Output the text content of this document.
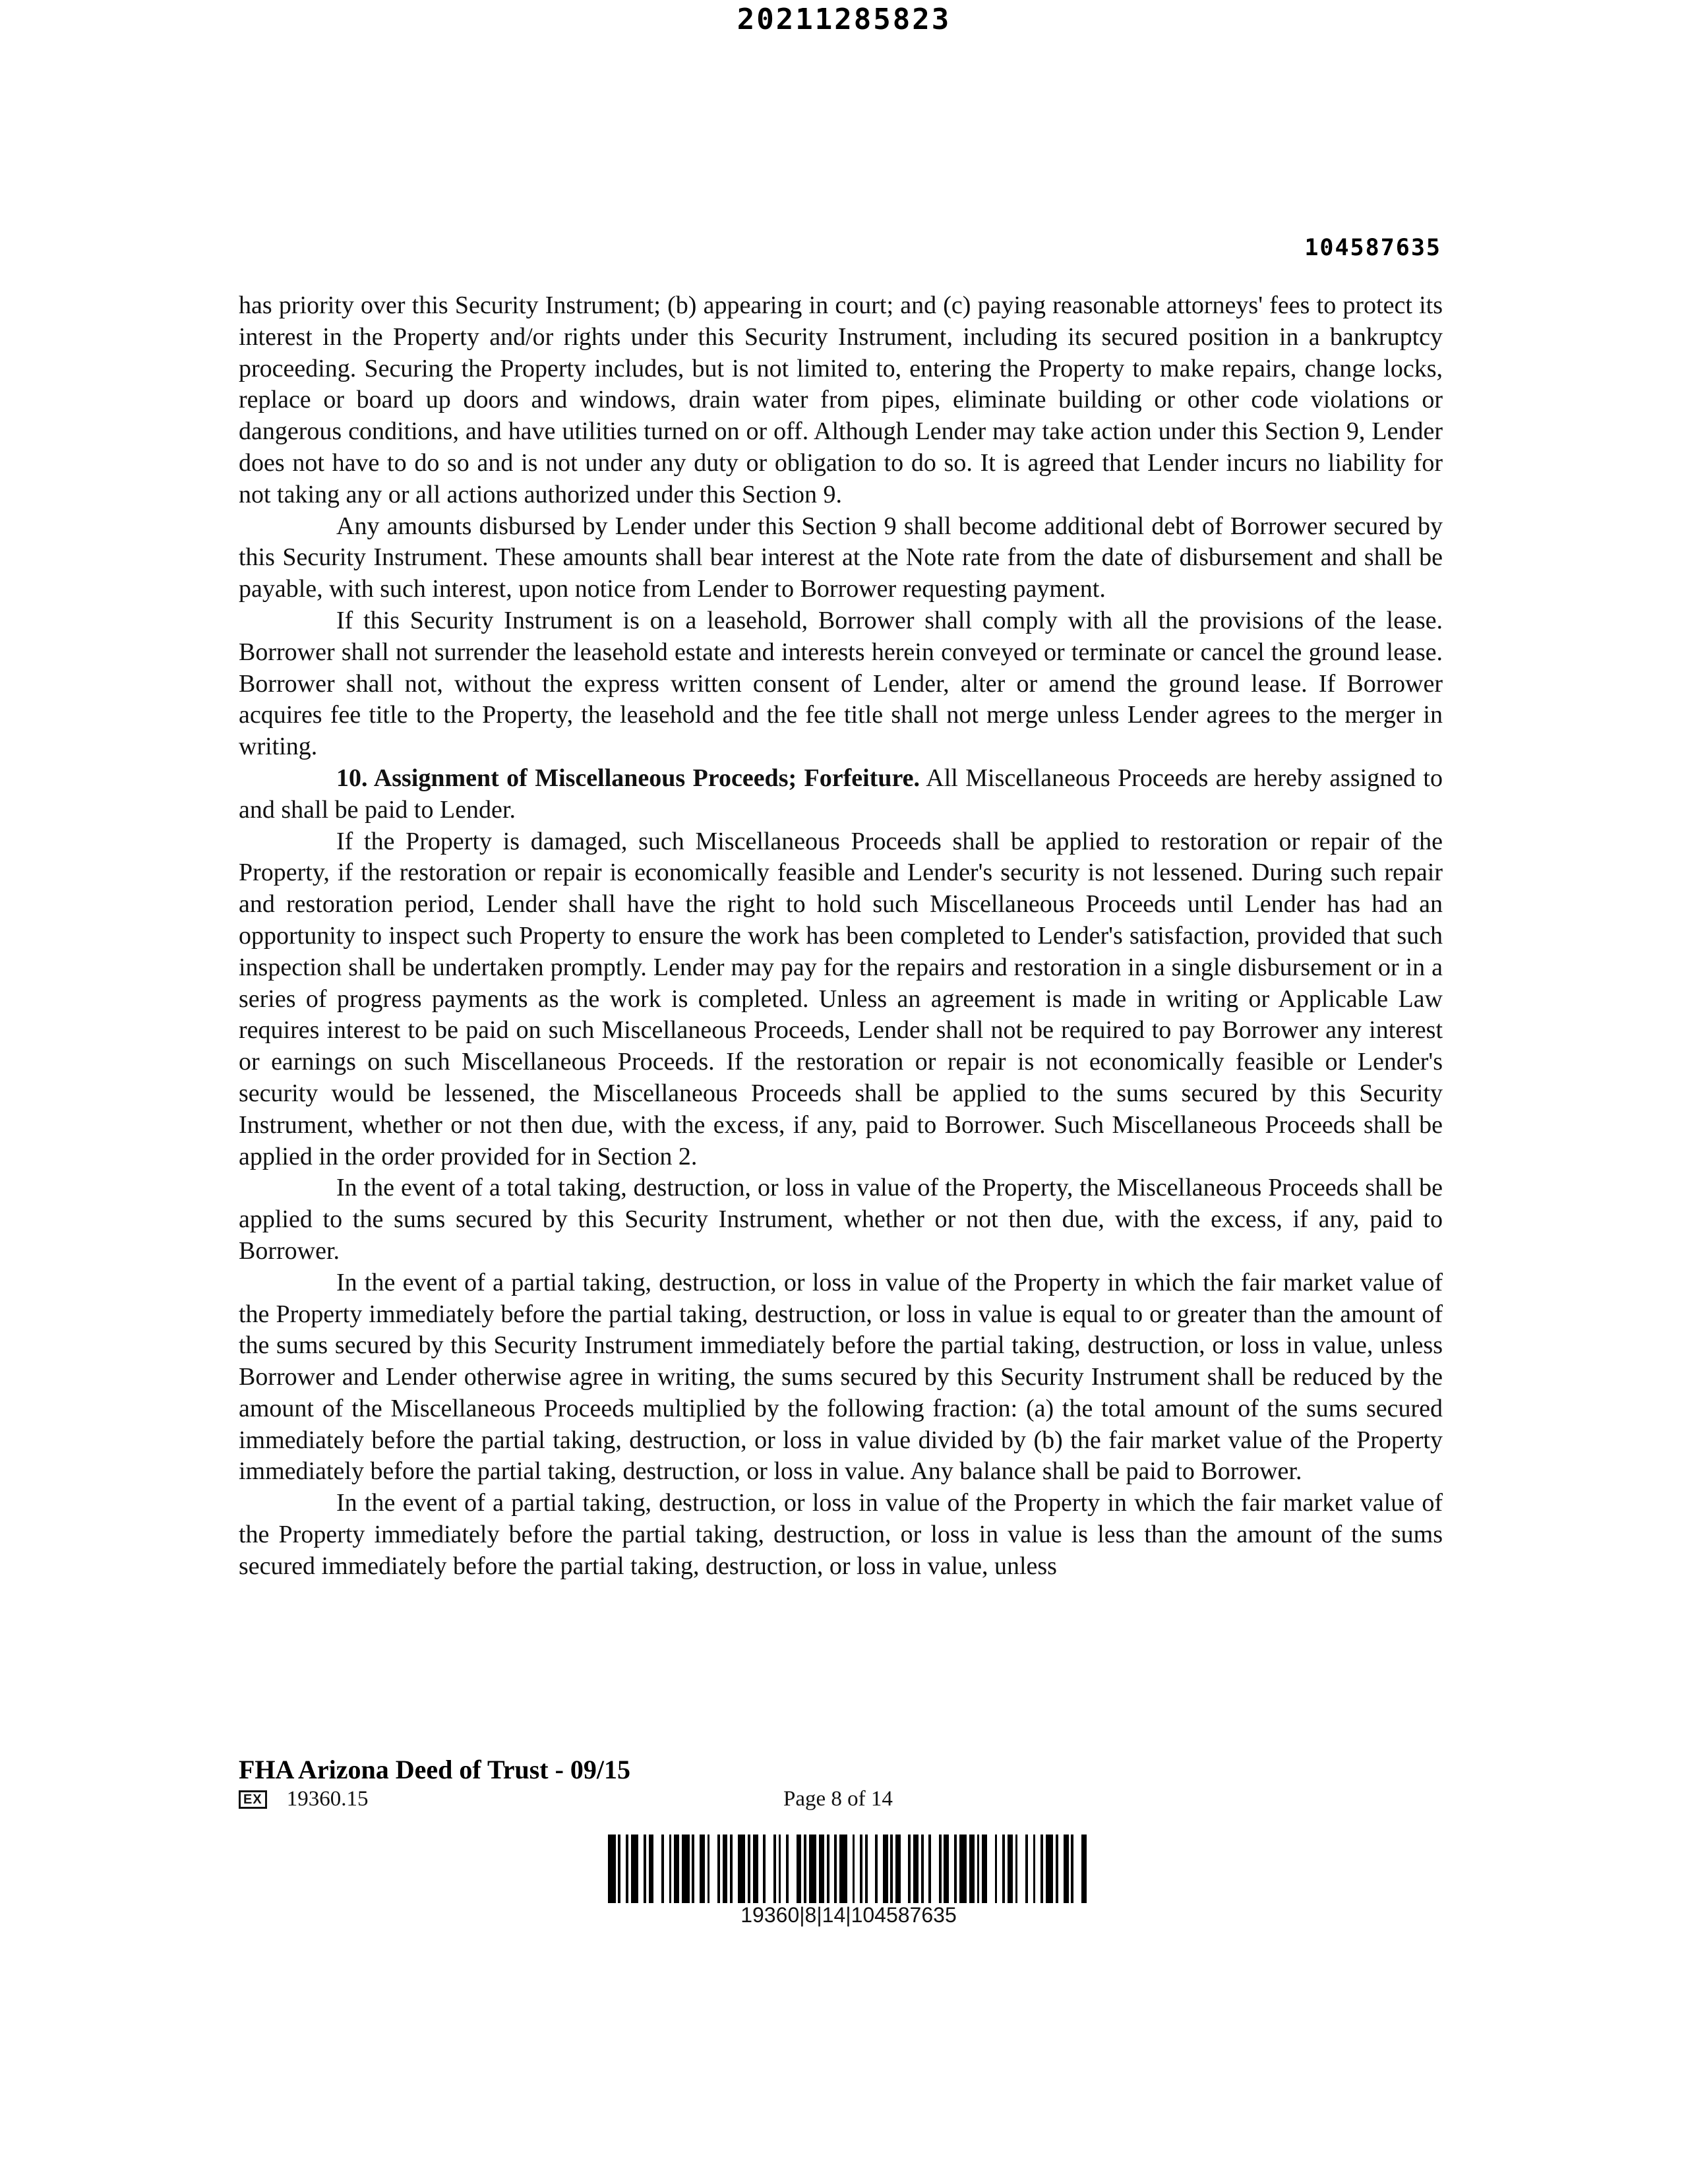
20211285823
104587635

has priority over this Security Instrument; (b) appearing in court; and (c) paying reasonable attorneys' fees to protect its interest in the Property and/or rights under this Security Instrument, including its secured position in a bankruptcy proceeding. Securing the Property includes, but is not limited to, entering the Property to make repairs, change locks, replace or board up doors and windows, drain water from pipes, eliminate building or other code violations or dangerous conditions, and have utilities turned on or off. Although Lender may take action under this Section 9, Lender does not have to do so and is not under any duty or obligation to do so. It is agreed that Lender incurs no liability for not taking any or all actions authorized under this Section 9.

Any amounts disbursed by Lender under this Section 9 shall become additional debt of Borrower secured by this Security Instrument. These amounts shall bear interest at the Note rate from the date of disbursement and shall be payable, with such interest, upon notice from Lender to Borrower requesting payment.

If this Security Instrument is on a leasehold, Borrower shall comply with all the provisions of the lease. Borrower shall not surrender the leasehold estate and interests herein conveyed or terminate or cancel the ground lease. Borrower shall not, without the express written consent of Lender, alter or amend the ground lease. If Borrower acquires fee title to the Property, the leasehold and the fee title shall not merge unless Lender agrees to the merger in writing.

10. Assignment of Miscellaneous Proceeds; Forfeiture. All Miscellaneous Proceeds are hereby assigned to and shall be paid to Lender.

If the Property is damaged, such Miscellaneous Proceeds shall be applied to restoration or repair of the Property, if the restoration or repair is economically feasible and Lender's security is not lessened. During such repair and restoration period, Lender shall have the right to hold such Miscellaneous Proceeds until Lender has had an opportunity to inspect such Property to ensure the work has been completed to Lender's satisfaction, provided that such inspection shall be undertaken promptly. Lender may pay for the repairs and restoration in a single disbursement or in a series of progress payments as the work is completed. Unless an agreement is made in writing or Applicable Law requires interest to be paid on such Miscellaneous Proceeds, Lender shall not be required to pay Borrower any interest or earnings on such Miscellaneous Proceeds. If the restoration or repair is not economically feasible or Lender's security would be lessened, the Miscellaneous Proceeds shall be applied to the sums secured by this Security Instrument, whether or not then due, with the excess, if any, paid to Borrower. Such Miscellaneous Proceeds shall be applied in the order provided for in Section 2.

In the event of a total taking, destruction, or loss in value of the Property, the Miscellaneous Proceeds shall be applied to the sums secured by this Security Instrument, whether or not then due, with the excess, if any, paid to Borrower.

In the event of a partial taking, destruction, or loss in value of the Property in which the fair market value of the Property immediately before the partial taking, destruction, or loss in value is equal to or greater than the amount of the sums secured by this Security Instrument immediately before the partial taking, destruction, or loss in value, unless Borrower and Lender otherwise agree in writing, the sums secured by this Security Instrument shall be reduced by the amount of the Miscellaneous Proceeds multiplied by the following fraction: (a) the total amount of the sums secured immediately before the partial taking, destruction, or loss in value divided by (b) the fair market value of the Property immediately before the partial taking, destruction, or loss in value. Any balance shall be paid to Borrower.

In the event of a partial taking, destruction, or loss in value of the Property in which the fair market value of the Property immediately before the partial taking, destruction, or loss in value is less than the amount of the sums secured immediately before the partial taking, destruction, or loss in value, unless

FHA Arizona Deed of Trust - 09/15
EX 19360.15	Page 8 of 14
19360|8|14|104587635
